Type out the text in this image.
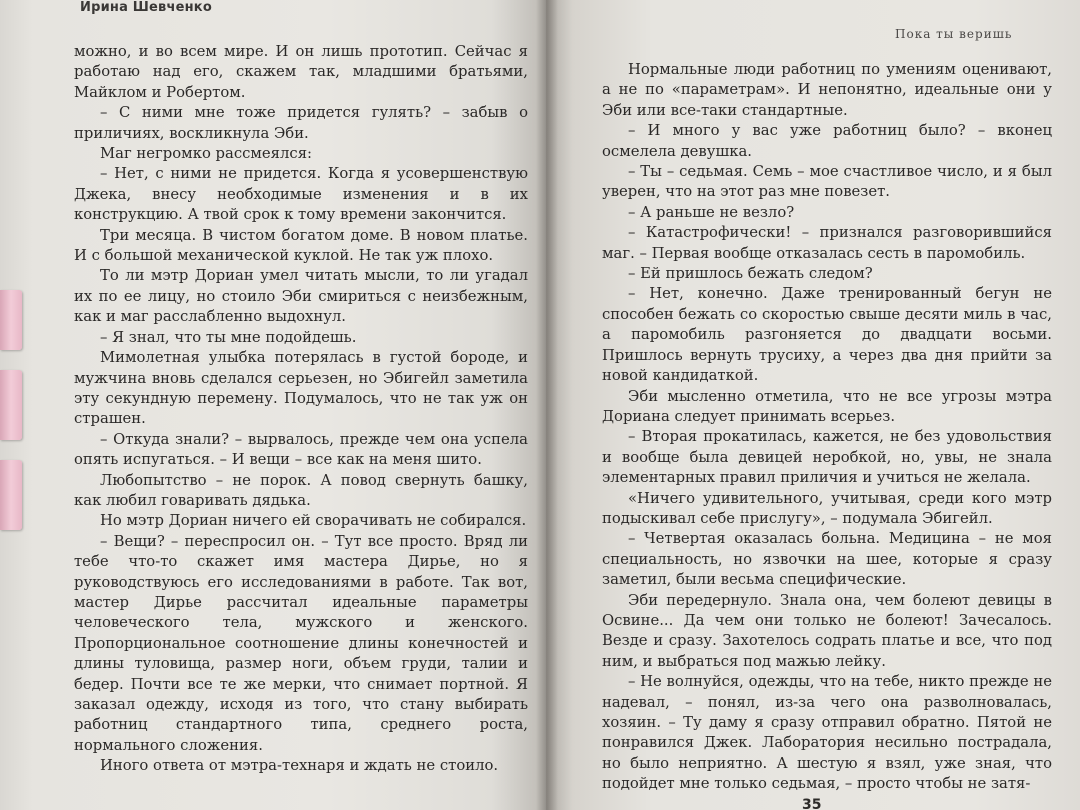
Ирина Шевченко

можно, и во всем мире. И он лишь прототип. Сейчас я работаю над его, скажем так, младшими братьями, Майклом и Робертом.

– С ними мне тоже придется гулять? – забыв о приличиях, воскликнула Эби.

Маг негромко рассмеялся:

– Нет, с ними не придется. Когда я усовершенствую Джека, внесу необходимые изменения и в их конструкцию. А твой срок к тому времени закончится.

Три месяца. В чистом богатом доме. В новом платье. И с большой механической куклой. Не так уж плохо.

То ли мэтр Дориан умел читать мысли, то ли угадал их по ее лицу, но стоило Эби смириться с неизбежным, как и маг расслабленно выдохнул.

– Я знал, что ты мне подойдешь.

Мимолетная улыбка потерялась в густой бороде, и мужчина вновь сделался серьезен, но Эбигейл заметила эту секундную перемену. Подумалось, что не так уж он страшен.

– Откуда знали? – вырвалось, прежде чем она успела опять испугаться. – И вещи – все как на меня шито.

Любопытство – не порок. А повод свернуть башку, как любил говаривать дядька.

Но мэтр Дориан ничего ей сворачивать не собирался.

– Вещи? – переспросил он. – Тут все просто. Вряд ли тебе что-то скажет имя мастера Дирье, но я руководствуюсь его исследованиями в работе. Так вот, мастер Дирье рассчитал идеальные параметры человеческого тела, мужского и женского. Пропорциональное соотношение длины конечностей и длины туловища, размер ноги, объем груди, талии и бедер. Почти все те же мерки, что снимает портной. Я заказал одежду, исходя из того, что стану выбирать работниц стандартного типа, среднего роста, нормального сложения.

Иного ответа от мэтра-технаря и ждать не стоило.

Пока ты веришь

Нормальные люди работниц по умениям оценивают, а не по «параметрам». И непонятно, идеальные они у Эби или все-таки стандартные.

– И много у вас уже работниц было? – вконец осмелела девушка.

– Ты – седьмая. Семь – мое счастливое число, и я был уверен, что на этот раз мне повезет.

– А раньше не везло?

– Катастрофически! – признался разговорившийся маг. – Первая вообще отказалась сесть в паромобиль.

– Ей пришлось бежать следом?

– Нет, конечно. Даже тренированный бегун не способен бежать со скоростью свыше десяти миль в час, а паромобиль разгоняется до двадцати восьми. Пришлось вернуть трусиху, а через два дня прийти за новой кандидаткой.

Эби мысленно отметила, что не все угрозы мэтра Дориана следует принимать всерьез.

– Вторая прокатилась, кажется, не без удовольствия и вообще была девицей неробкой, но, увы, не знала элементарных правил приличия и учиться не желала.

«Ничего удивительного, учитывая, среди кого мэтр подыскивал себе прислугу», – подумала Эбигейл.

– Четвертая оказалась больна. Медицина – не моя специальность, но язвочки на шее, которые я сразу заметил, были весьма специфические.

Эби передернуло. Знала она, чем болеют девицы в Освине... Да чем они только не болеют! Зачесалось. Везде и сразу. Захотелось содрать платье и все, что под ним, и выбраться под мажью лейку.

– Не волнуйся, одежды, что на тебе, никто прежде не надевал, – понял, из-за чего она разволновалась, хозяин. – Ту даму я сразу отправил обратно. Пятой не понравился Джек. Лаборатория несильно пострадала, но было неприятно. А шестую я взял, уже зная, что подойдет мне только седьмая, – просто чтобы не затя-

35
